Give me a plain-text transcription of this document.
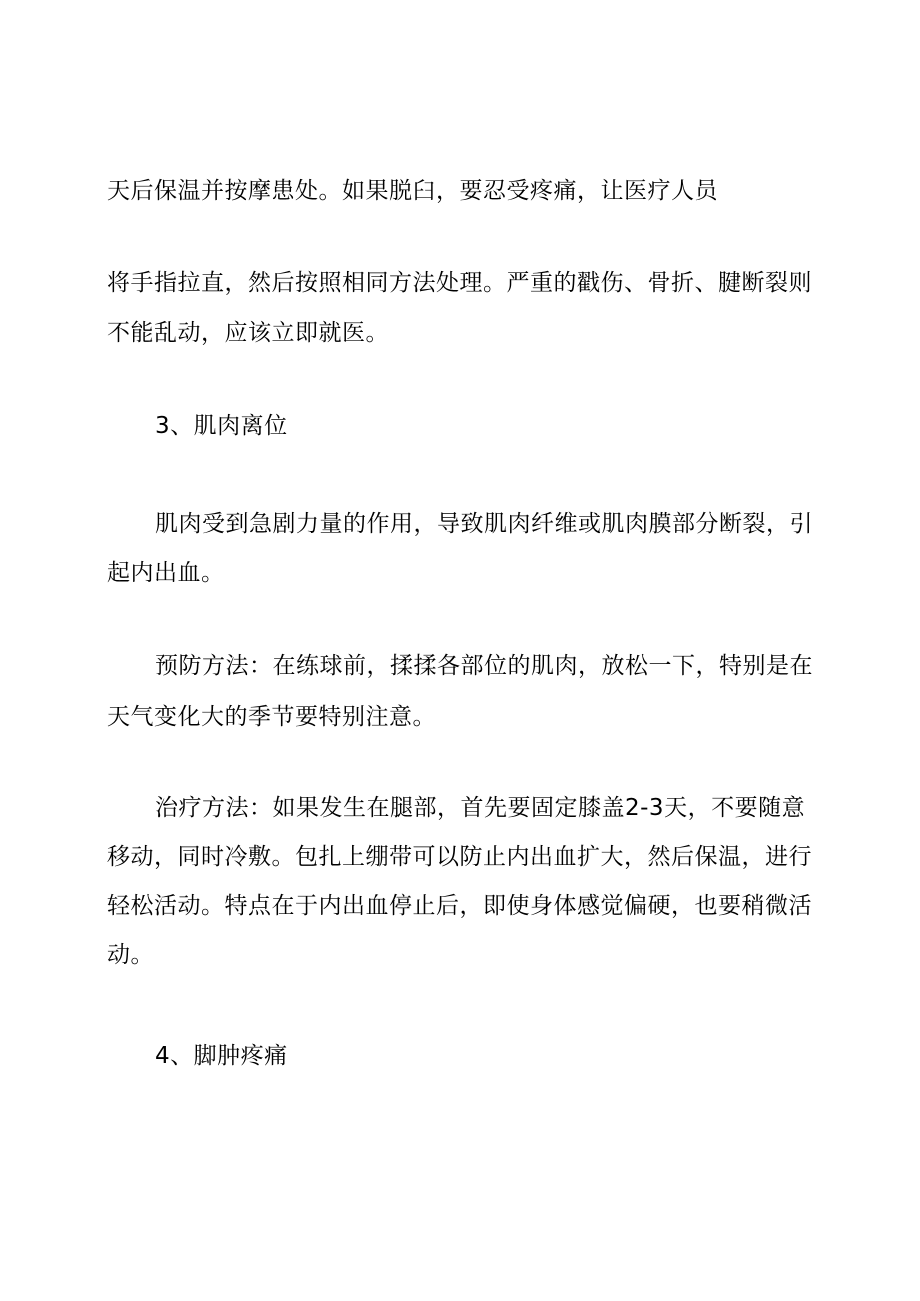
天后保温并按摩患处。如果脱臼，要忍受疼痛，让医疗人员
将手指拉直，然后按照相同方法处理。严重的戳伤、骨折、腱断裂则
不能乱动，应该立即就医。
3、肌肉离位
肌肉受到急剧力量的作用，导致肌肉纤维或肌肉膜部分断裂，引
起内出血。
预防方法：在练球前，揉揉各部位的肌肉，放松一下，特别是在
天气变化大的季节要特别注意。
治疗方法：如果发生在腿部，首先要固定膝盖2-3天，不要随意
移动，同时冷敷。包扎上绷带可以防止内出血扩大，然后保温，进行
轻松活动。特点在于内出血停止后，即使身体感觉偏硬，也要稍微活
动。
4、脚肿疼痛
